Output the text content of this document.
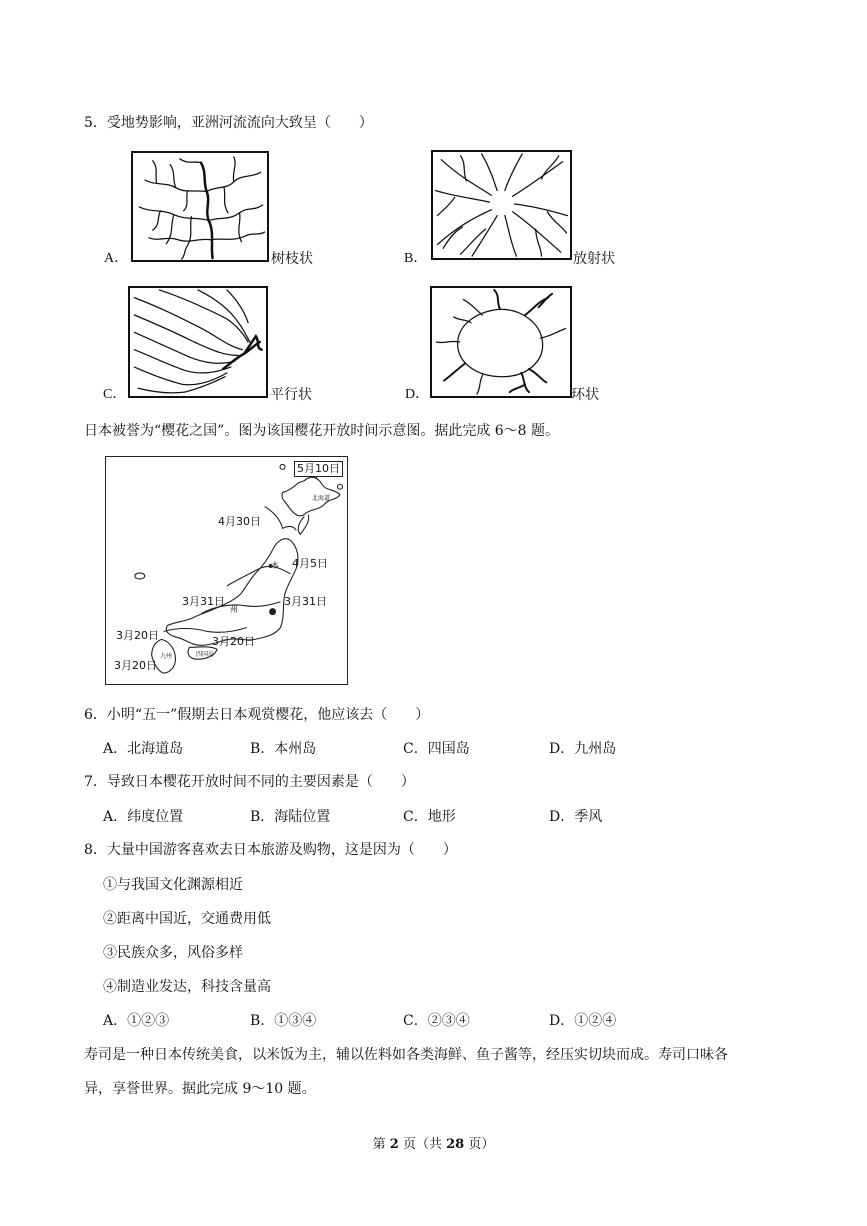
5．受地势影响，亚洲河流流向大致呈（　　）
A．	树枝状	B．	放射状
C．	平行状	D．	环状
日本被誉为“樱花之国”。图为该国樱花开放时间示意图。据此完成 6～8 题。
5月10日
北海道
4月30日
4月5日
本
3月31日	3月31日
州
3月20日	3月20日
四国岛
九州
3月20日
6．小明“五一”假期去日本观赏樱花，他应该去（　　）
A．北海道岛	B．本州岛	C．四国岛	D．九州岛
7．导致日本樱花开放时间不同的主要因素是（　　）
A．纬度位置	B．海陆位置	C．地形	D．季风
8．大量中国游客喜欢去日本旅游及购物，这是因为（　　）
①与我国文化渊源相近
②距离中国近，交通费用低
③民族众多，风俗多样
④制造业发达，科技含量高
A．①②③	B．①③④	C．②③④	D．①②④
寿司是一种日本传统美食，以米饭为主，辅以佐料如各类海鲜、鱼子酱等，经压实切块而成。寿司口味各
异，享誉世界。据此完成 9～10 题。
第 2 页（共 28 页）
